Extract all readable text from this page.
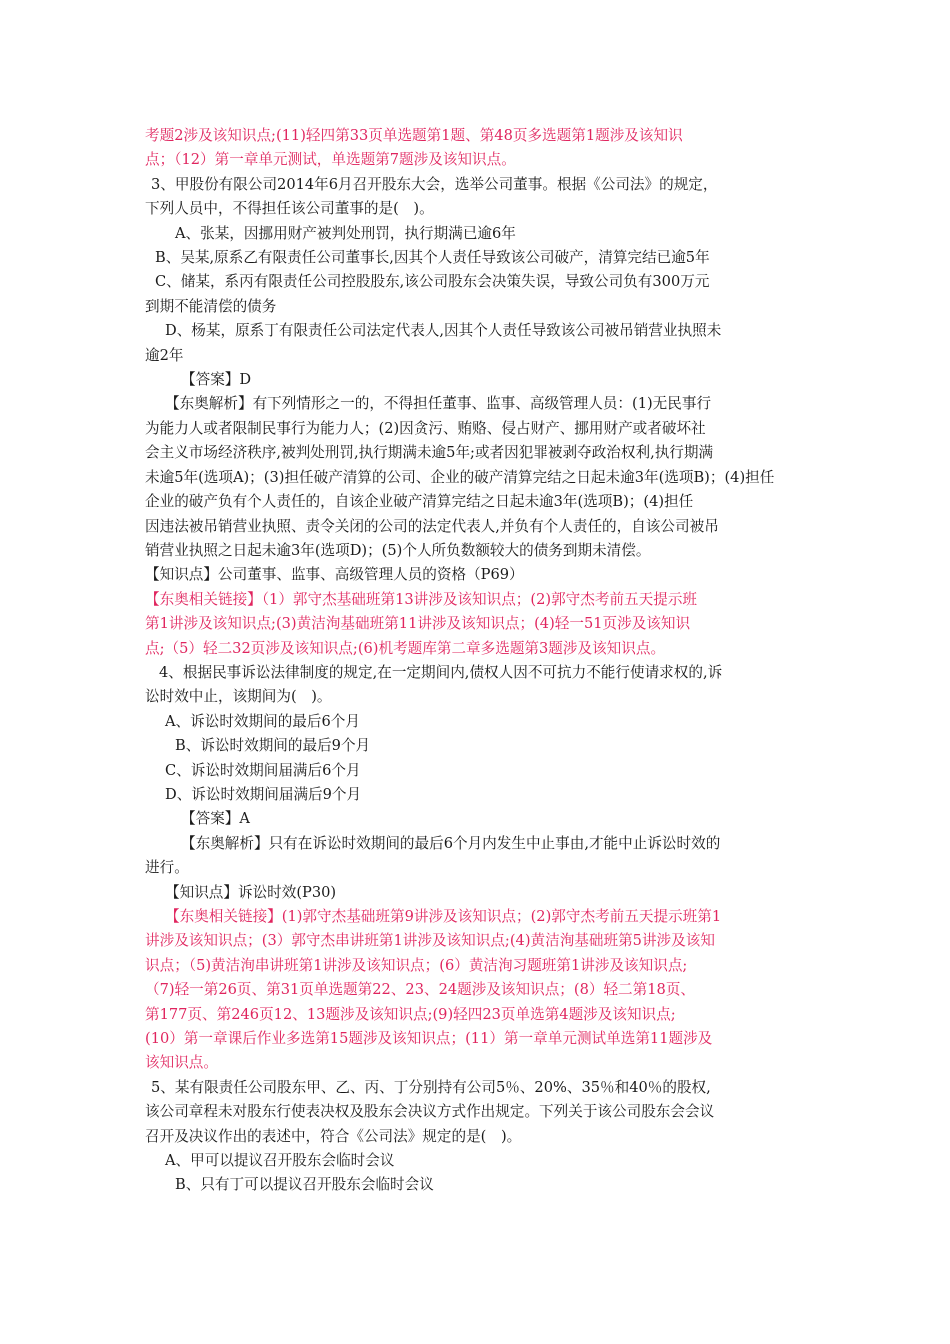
考题2涉及该知识点;(11)轻四第33页单选题第1题、第48页多选题第1题涉及该知识

点；（12）第一章单元测试，单选题第7题涉及该知识点。

3、甲股份有限公司2014年6月召开股东大会，选举公司董事。根据《公司法》的规定，

下列人员中，不得担任该公司董事的是(　)。

A、张某，因挪用财产被判处刑罚，执行期满已逾6年

B、吴某,原系乙有限责任公司董事长,因其个人责任导致该公司破产，清算完结已逾5年

C、储某，系丙有限责任公司控股股东,该公司股东会决策失误，导致公司负有300万元

到期不能清偿的债务

D、杨某，原系丁有限责任公司法定代表人,因其个人责任导致该公司被吊销营业执照未

逾2年

【答案】D

【东奥解析】有下列情形之一的，不得担任董事、监事、高级管理人员：(1)无民事行

为能力人或者限制民事行为能力人；(2)因贪污、贿赂、侵占财产、挪用财产或者破坏社

会主义市场经济秩序,被判处刑罚,执行期满未逾5年;或者因犯罪被剥夺政治权利,执行期满

未逾5年(选项A)；(3)担任破产清算的公司、企业的破产清算完结之日起未逾3年(选项B)；(4)担任

企业的破产负有个人责任的，自该企业破产清算完结之日起未逾3年(选项B)；(4)担任

因违法被吊销营业执照、责令关闭的公司的法定代表人,并负有个人责任的，自该公司被吊

销营业执照之日起未逾3年(选项D)；(5)个人所负数额较大的债务到期未清偿。

【知识点】公司董事、监事、高级管理人员的资格（P69）

【东奥相关链接】（1）郭守杰基础班第13讲涉及该知识点；(2)郭守杰考前五天提示班

第1讲涉及该知识点;(3)黄洁洵基础班第11讲涉及该知识点；(4)轻一51页涉及该知识

点;（5）轻二32页涉及该知识点;(6)机考题库第二章多选题第3题涉及该知识点。

4、根据民事诉讼法律制度的规定,在一定期间内,债权人因不可抗力不能行使请求权的,诉

讼时效中止，该期间为(　)。

A、诉讼时效期间的最后6个月

B、诉讼时效期间的最后9个月

C、诉讼时效期间届满后6个月

D、诉讼时效期间届满后9个月

【答案】A

【东奥解析】只有在诉讼时效期间的最后6个月内发生中止事由,才能中止诉讼时效的

进行。

【知识点】诉讼时效(P30)

【东奥相关链接】(1)郭守杰基础班第9讲涉及该知识点；(2)郭守杰考前五天提示班第1

讲涉及该知识点；(3）郭守杰串讲班第1讲涉及该知识点;(4)黄洁洵基础班第5讲涉及该知

识点；（5)黄洁洵串讲班第1讲涉及该知识点；(6）黄洁洵习题班第1讲涉及该知识点;

（7)轻一第26页、第31页单选题第22、23、24题涉及该知识点；(8）轻二第18页、

第177页、第246页12、13题涉及该知识点;(9)轻四23页单选第4题涉及该知识点;

(10）第一章课后作业多选第15题涉及该知识点；(11）第一章单元测试单选第11题涉及

该知识点。

5、某有限责任公司股东甲、乙、丙、丁分别持有公司5％、20%、35％和40％的股权,

该公司章程未对股东行使表决权及股东会决议方式作出规定。下列关于该公司股东会会议

召开及决议作出的表述中，符合《公司法》规定的是(　)。

A、甲可以提议召开股东会临时会议

B、只有丁可以提议召开股东会临时会议
